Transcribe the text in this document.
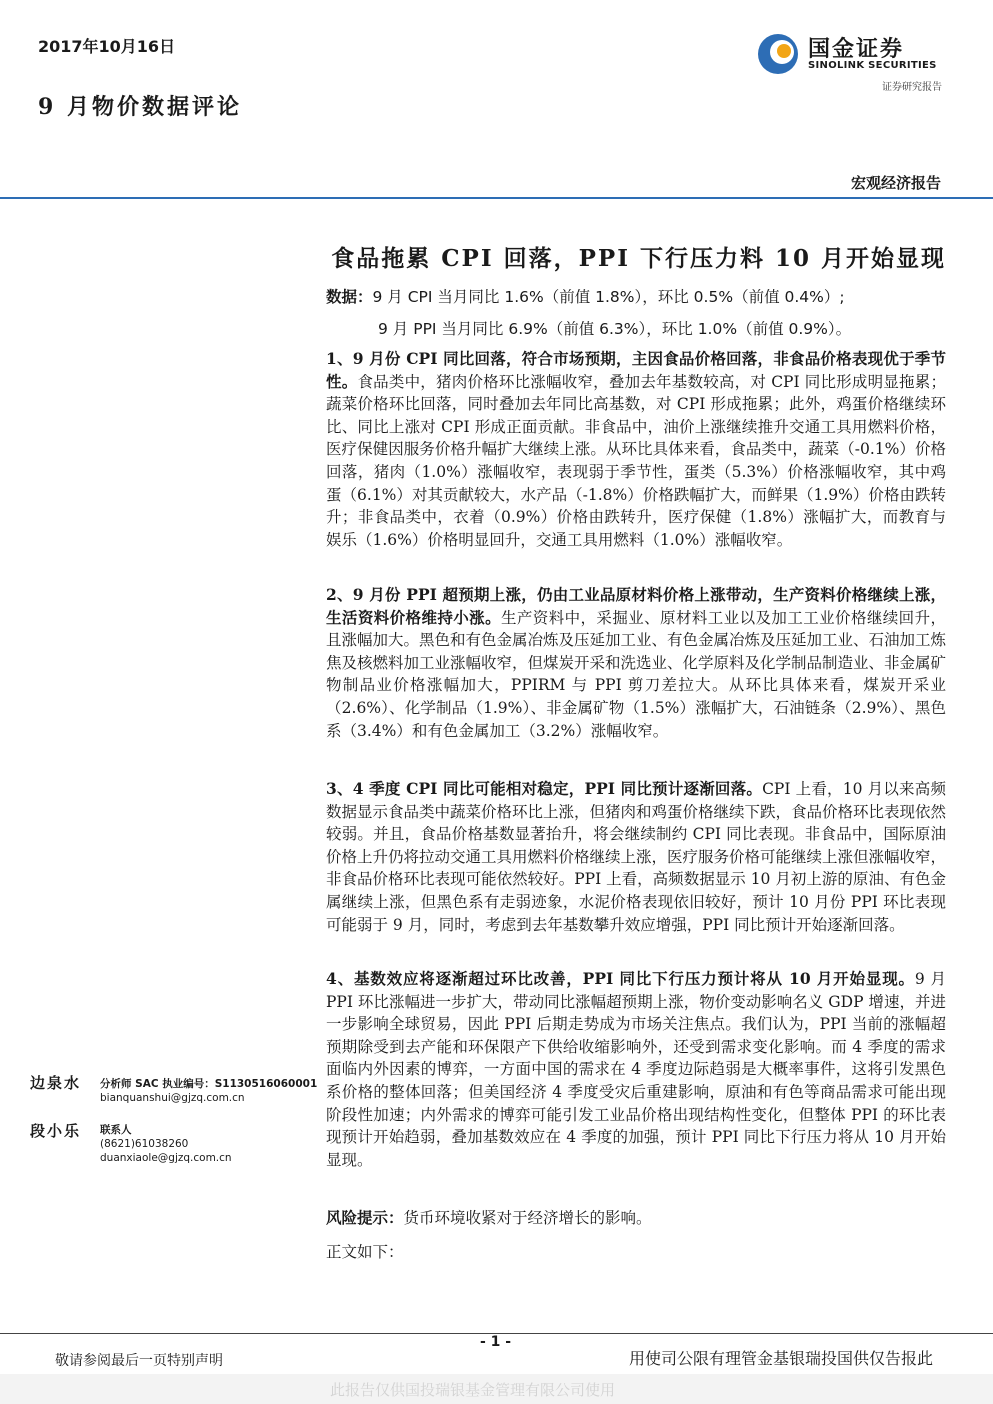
2017年10月16日
9 月物价数据评论
国金证券
SINOLINK SECURITIES
证券研究报告
宏观经济报告
食品拖累 CPI 回落，PPI 下行压力料 10 月开始显现
数据：9 月 CPI 当月同比 1.6%（前值 1.8%），环比 0.5%（前值 0.4%）;
9 月 PPI 当月同比 6.9%（前值 6.3%），环比 1.0%（前值 0.9%）。
1、9 月份 CPI 同比回落，符合市场预期，主因食品价格回落，非食品价格表现优于季节性。食品类中，猪肉价格环比涨幅收窄，叠加去年基数较高，对 CPI 同比形成明显拖累；蔬菜价格环比回落，同时叠加去年同比高基数，对 CPI 形成拖累；此外，鸡蛋价格继续环比、同比上涨对 CPI 形成正面贡献。非食品中，油价上涨继续推升交通工具用燃料价格，医疗保健因服务价格升幅扩大继续上涨。从环比具体来看，食品类中，蔬菜（-0.1%）价格回落，猪肉（1.0%）涨幅收窄，表现弱于季节性，蛋类（5.3%）价格涨幅收窄，其中鸡蛋（6.1%）对其贡献较大，水产品（-1.8%）价格跌幅扩大，而鲜果（1.9%）价格由跌转升；非食品类中，衣着（0.9%）价格由跌转升，医疗保健（1.8%）涨幅扩大，而教育与娱乐（1.6%）价格明显回升，交通工具用燃料（1.0%）涨幅收窄。
2、9 月份 PPI 超预期上涨，仍由工业品原材料价格上涨带动，生产资料价格继续上涨，生活资料价格维持小涨。生产资料中，采掘业、原材料工业以及加工工业价格继续回升，且涨幅加大。黑色和有色金属冶炼及压延加工业、有色金属冶炼及压延加工业、石油加工炼焦及核燃料加工业涨幅收窄，但煤炭开采和洗选业、化学原料及化学制品制造业、非金属矿物制品业价格涨幅加大，PPIRM 与 PPI 剪刀差拉大。从环比具体来看，煤炭开采业（2.6%）、化学制品（1.9%）、非金属矿物（1.5%）涨幅扩大，石油链条（2.9%）、黑色系（3.4%）和有色金属加工（3.2%）涨幅收窄。
3、4 季度 CPI 同比可能相对稳定，PPI 同比预计逐渐回落。CPI 上看，10 月以来高频数据显示食品类中蔬菜价格环比上涨，但猪肉和鸡蛋价格继续下跌，食品价格环比表现依然较弱。并且，食品价格基数显著抬升，将会继续制约 CPI 同比表现。非食品中，国际原油价格上升仍将拉动交通工具用燃料价格继续上涨，医疗服务价格可能继续上涨但涨幅收窄，非食品价格环比表现可能依然较好。PPI 上看，高频数据显示 10 月初上游的原油、有色金属继续上涨，但黑色系有走弱迹象，水泥价格表现依旧较好，预计 10 月份 PPI 环比表现可能弱于 9 月，同时，考虑到去年基数攀升效应增强，PPI 同比预计开始逐渐回落。
4、基数效应将逐渐超过环比改善，PPI 同比下行压力预计将从 10 月开始显现。9 月 PPI 环比涨幅进一步扩大，带动同比涨幅超预期上涨，物价变动影响名义 GDP 增速，并进一步影响全球贸易，因此 PPI 后期走势成为市场关注焦点。我们认为，PPI 当前的涨幅超预期除受到去产能和环保限产下供给收缩影响外，还受到需求变化影响。而 4 季度的需求面临内外因素的博弈，一方面中国的需求在 4 季度边际趋弱是大概率事件，这将引发黑色系价格的整体回落；但美国经济 4 季度受灾后重建影响，原油和有色等商品需求可能出现阶段性加速；内外需求的博弈可能引发工业品价格出现结构性变化，但整体 PPI 的环比表现预计开始趋弱，叠加基数效应在 4 季度的加强，预计 PPI 同比下行压力将从 10 月开始显现。
风险提示：货币环境收紧对于经济增长的影响。
正文如下：
边泉水 分析师 SAC 执业编号：S1130516060001
bianquanshui@gjzq.com.cn
段小乐 联系人
(8621)61038260
duanxiaole@gjzq.com.cn
- 1 -
敬请参阅最后一页特别声明	用使司公限有理管金基银瑞投国供仅告报此
此报告仅供国投瑞银基金管理有限公司使用
